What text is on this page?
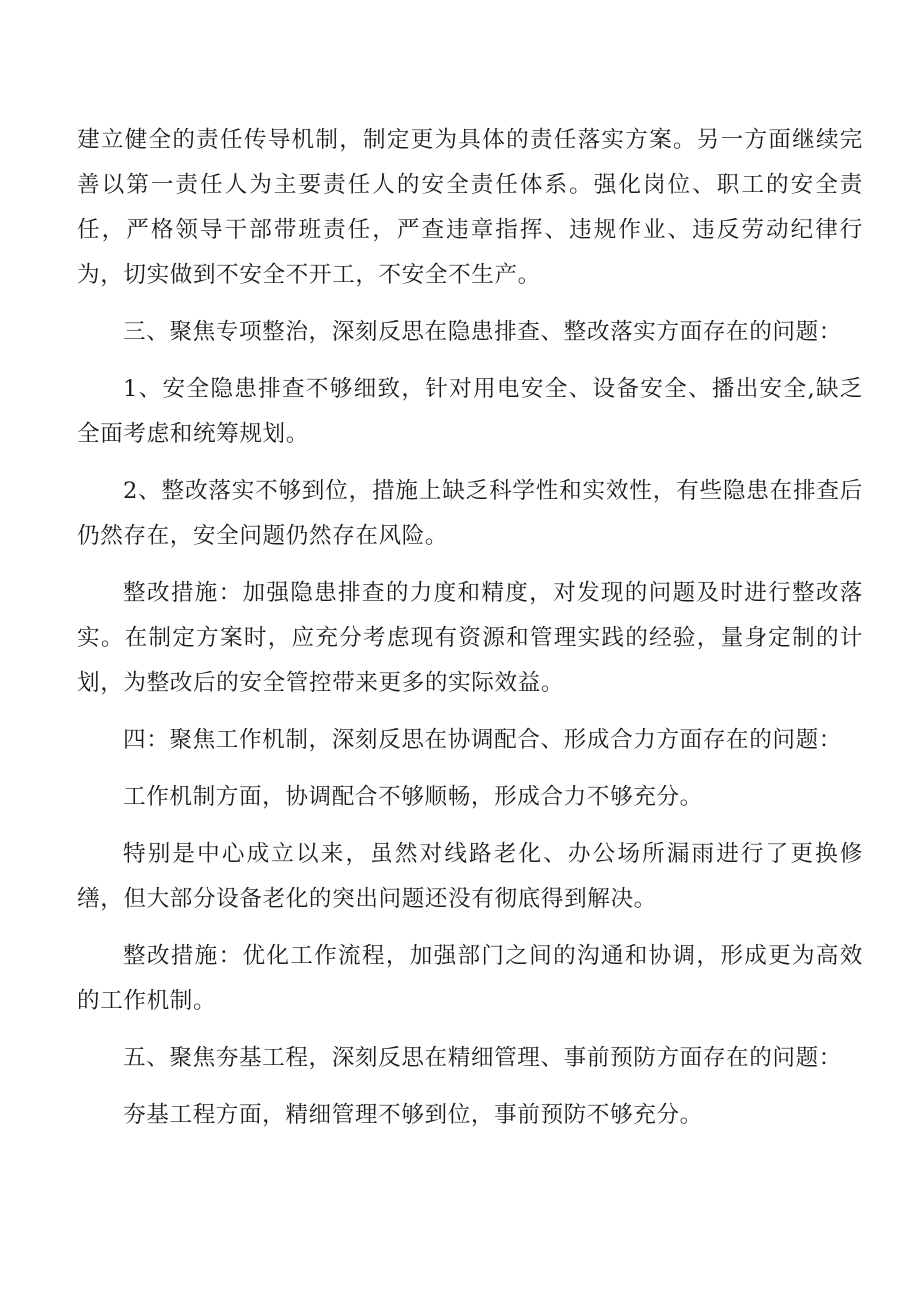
建立健全的责任传导机制，制定更为具体的责任落实方案。另一方面继续完善以第一责任人为主要责任人的安全责任体系。强化岗位、职工的安全责任，严格领导干部带班责任，严查违章指挥、违规作业、违反劳动纪律行为，切实做到不安全不开工，不安全不生产。

三、聚焦专项整治，深刻反思在隐患排查、整改落实方面存在的问题：

1、安全隐患排查不够细致，针对用电安全、设备安全、播出安全,缺乏全面考虑和统筹规划。

2、整改落实不够到位，措施上缺乏科学性和实效性，有些隐患在排查后仍然存在，安全问题仍然存在风险。

整改措施：加强隐患排查的力度和精度，对发现的问题及时进行整改落实。在制定方案时，应充分考虑现有资源和管理实践的经验，量身定制的计划，为整改后的安全管控带来更多的实际效益。

四：聚焦工作机制，深刻反思在协调配合、形成合力方面存在的问题：

工作机制方面，协调配合不够顺畅，形成合力不够充分。

特别是中心成立以来，虽然对线路老化、办公场所漏雨进行了更换修缮，但大部分设备老化的突出问题还没有彻底得到解决。

整改措施：优化工作流程，加强部门之间的沟通和协调，形成更为高效的工作机制。

五、聚焦夯基工程，深刻反思在精细管理、事前预防方面存在的问题：

夯基工程方面，精细管理不够到位，事前预防不够充分。
